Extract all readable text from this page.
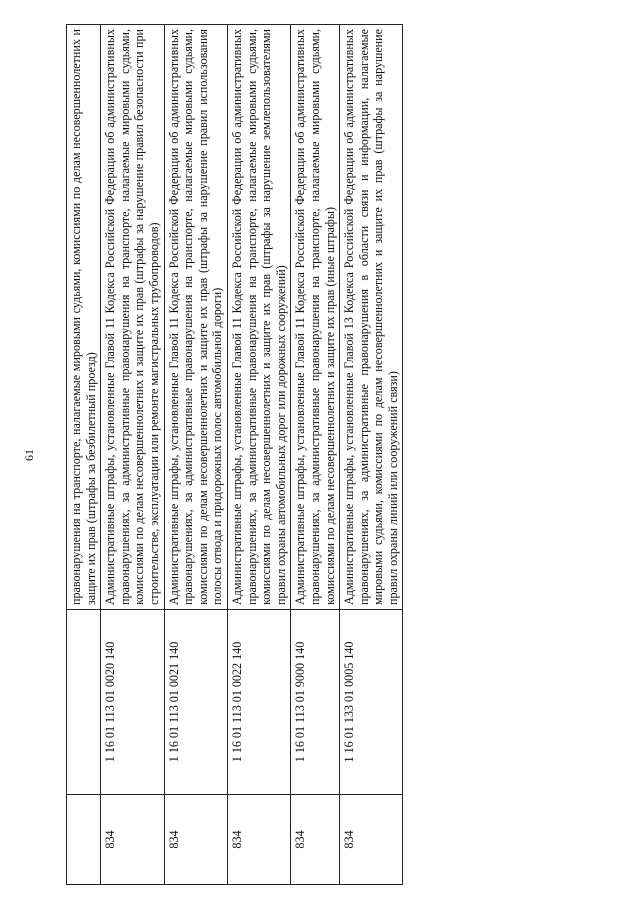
61
			правонарушения на транспорте, налагаемые мировыми судьями, комиссиями по делам несовершеннолетних и защите их прав (штрафы за безбилетный проезд)
834	1 16 01 113 01 0020 140	Административные штрафы, установленные Главой 11 Кодекса Российской Федерации об административных правонарушениях, за административные правонарушения на транспорте, налагаемые мировыми судьями, комиссиями по делам несовершеннолетних и защите их прав (штрафы за нарушение правил безопасности при строительстве, эксплуатации или ремонте магистральных трубопроводов)
834	1 16 01 113 01 0021 140	Административные штрафы, установленные Главой 11 Кодекса Российской Федерации об административных правонарушениях, за административные правонарушения на транспорте, налагаемые мировыми судьями, комиссиями по делам несовершеннолетних и защите их прав (штрафы за нарушение правил использования полосы отвода и придорожных полос автомобильной дороги)
834	1 16 01 113 01 0022 140	Административные штрафы, установленные Главой 11 Кодекса Российской Федерации об административных правонарушениях, за административные правонарушения на транспорте, налагаемые мировыми судьями, комиссиями по делам несовершеннолетних и защите их прав (штрафы за нарушение землепользователями правил охраны автомобильных дорог или дорожных сооружений)
834	1 16 01 113 01 9000 140	Административные штрафы, установленные Главой 11 Кодекса Российской Федерации об административных правонарушениях, за административные правонарушения на транспорте, налагаемые мировыми судьями, комиссиями по делам несовершеннолетних и защите их прав (иные штрафы)
834	1 16 01 133 01 0005 140	Административные штрафы, установленные Главой 13 Кодекса Российской Федерации об административных правонарушениях, за административные правонарушения в области связи и информации, налагаемые мировыми судьями, комиссиями по делам несовершеннолетних и защите их прав (штрафы за нарушение правил охраны линий или сооружений связи)
